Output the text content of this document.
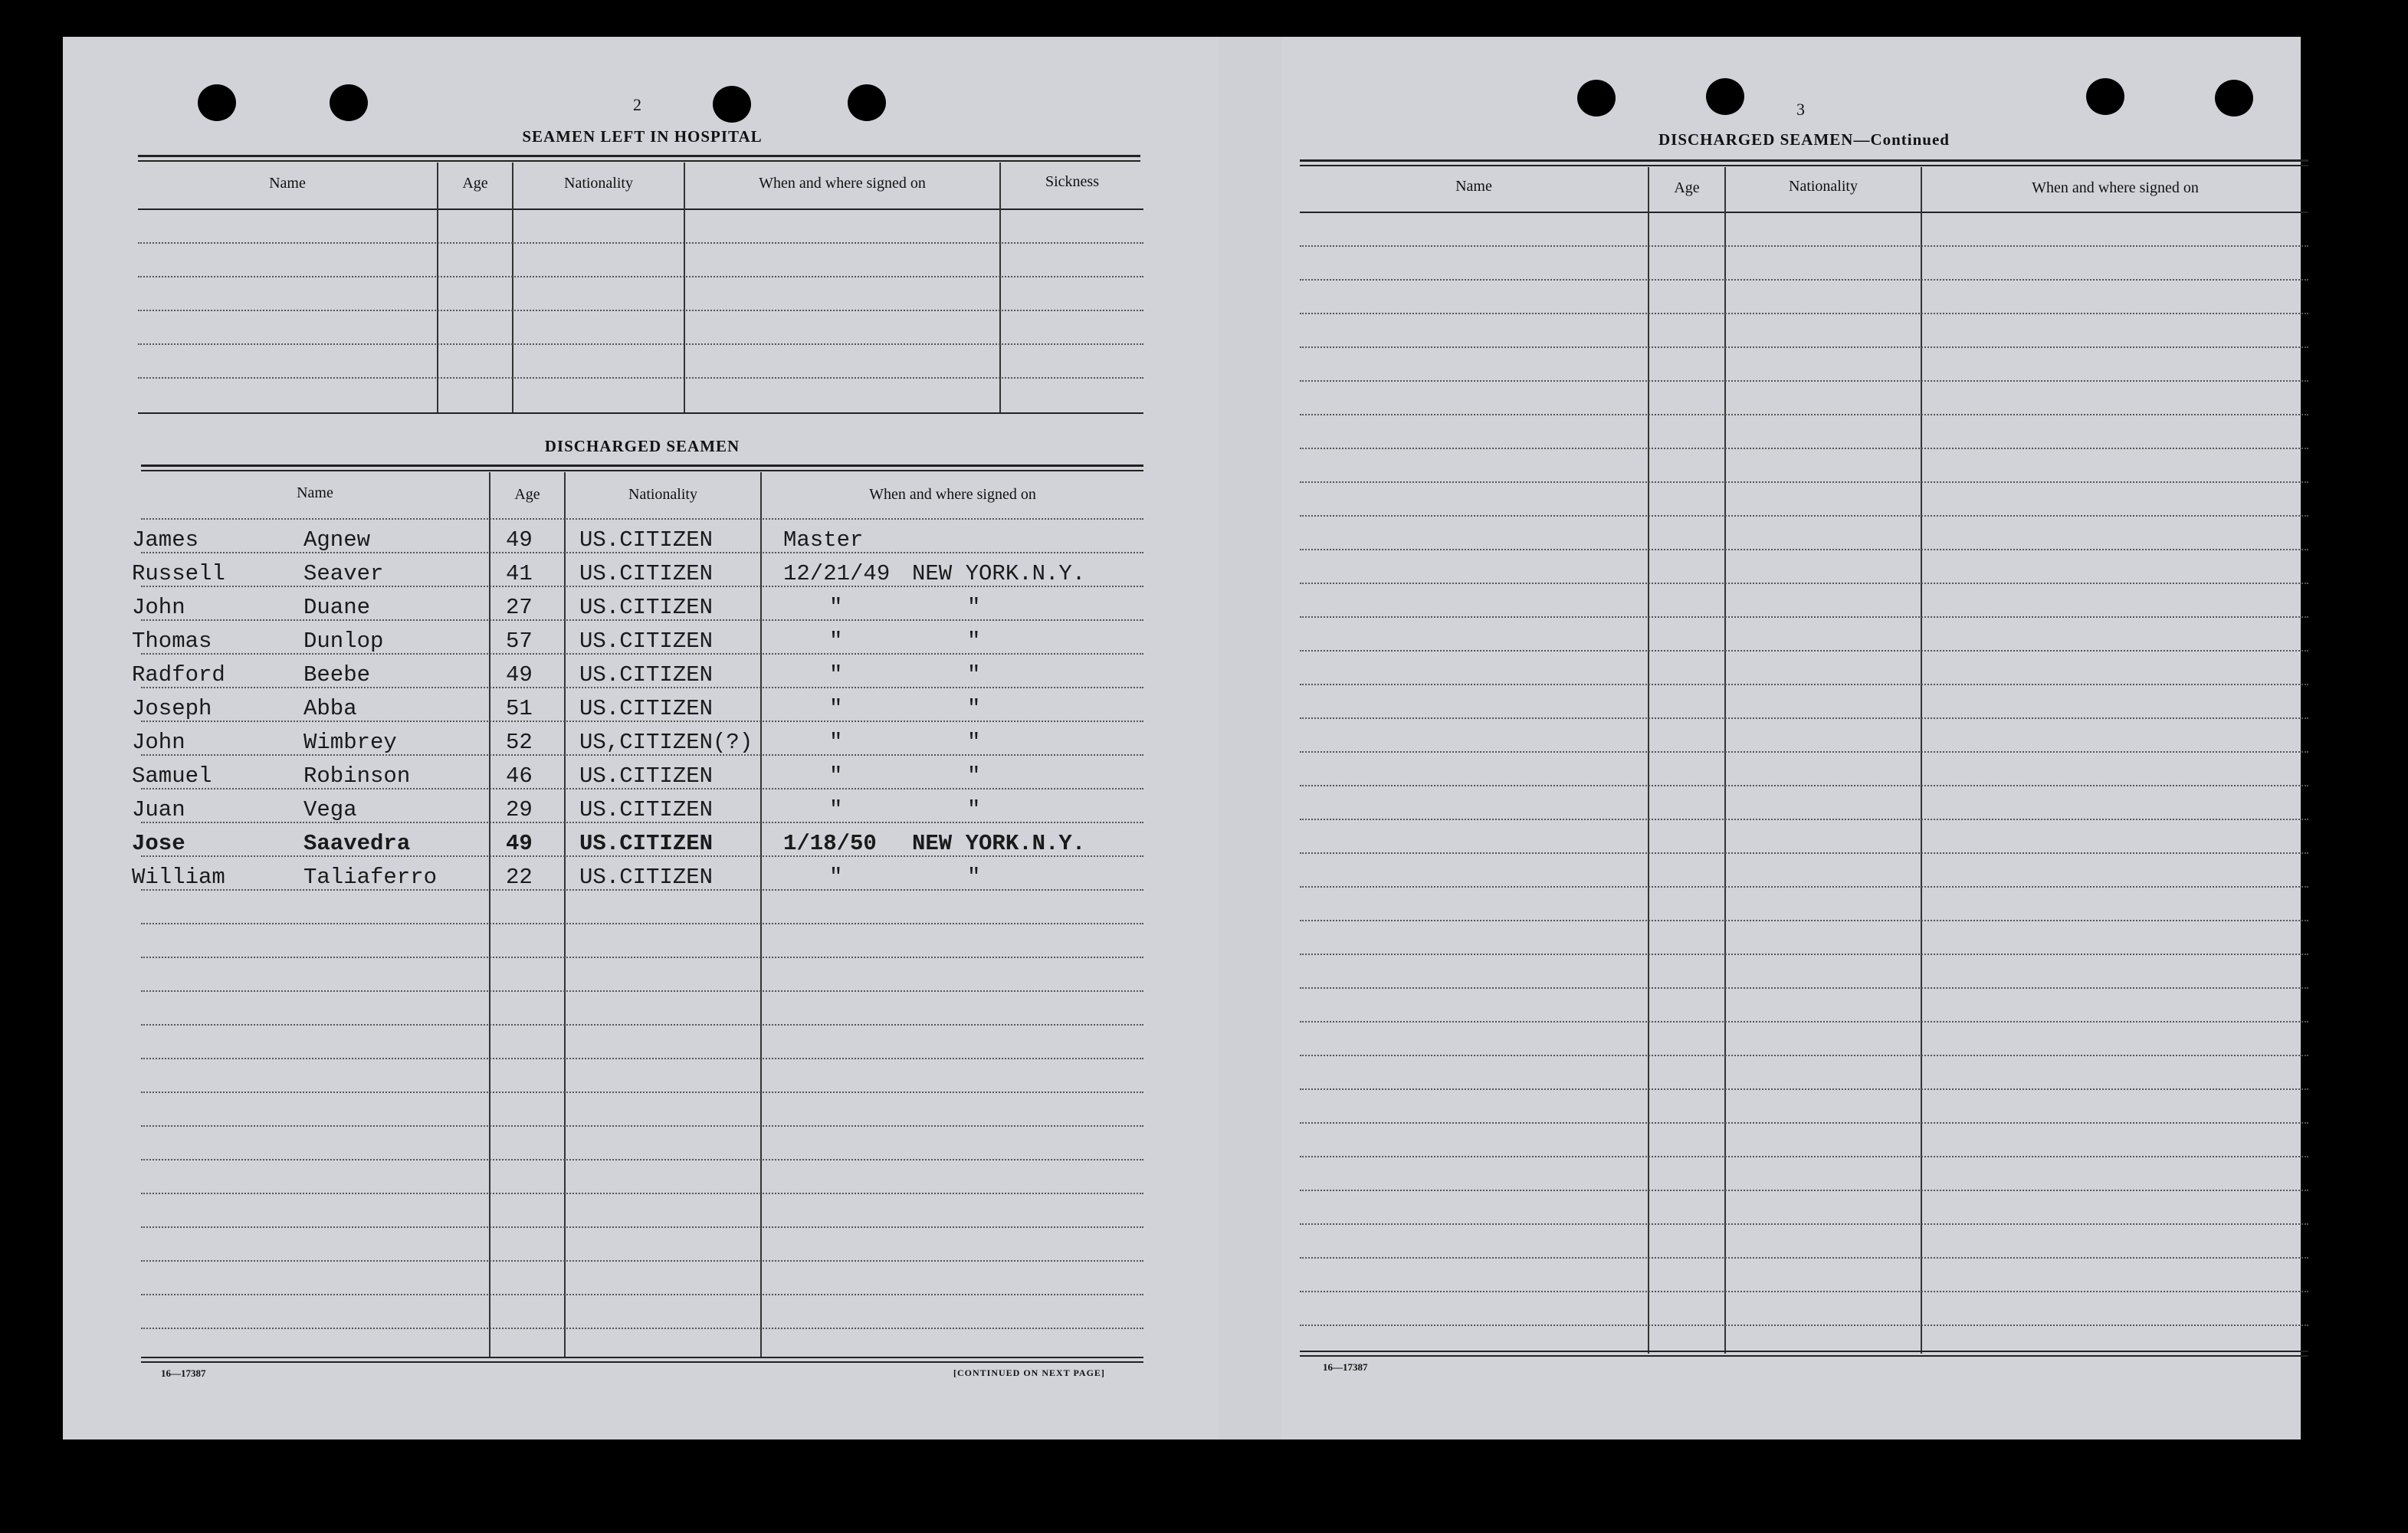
2
SEAMEN LEFT IN HOSPITAL
Name	Age	Nationality	When and where signed on	Sickness
DISCHARGED SEAMEN
Name	Age	Nationality	When and where signed on
James	Agnew	49 US.CITIZEN	Master
Russell	Seaver	41 US.CITIZEN	12/21/49 NEW YORK.N.Y.
John	Duane	27 US.CITIZEN	"	"
Thomas	Dunlop	57 US.CITIZEN	"	"
Radford	Beebe	49 US.CITIZEN	"	"
Joseph	Abba	51 US.CITIZEN	"	"
John	Wimbrey	52 US,CITIZEN(?)	"	"
Samuel	Robinson	46 US.CITIZEN	"	"
Juan	Vega	29 US.CITIZEN	"	"
Jose	Saavedra	49 US.CITIZEN	1/18/50 NEW YORK.N.Y.
William	Taliaferro	22 US.CITIZEN	"	"
16—17387	[CONTINUED ON NEXT PAGE]
3
DISCHARGED SEAMEN—Continued
Name	Age	Nationality	When and where signed on
16—17387
